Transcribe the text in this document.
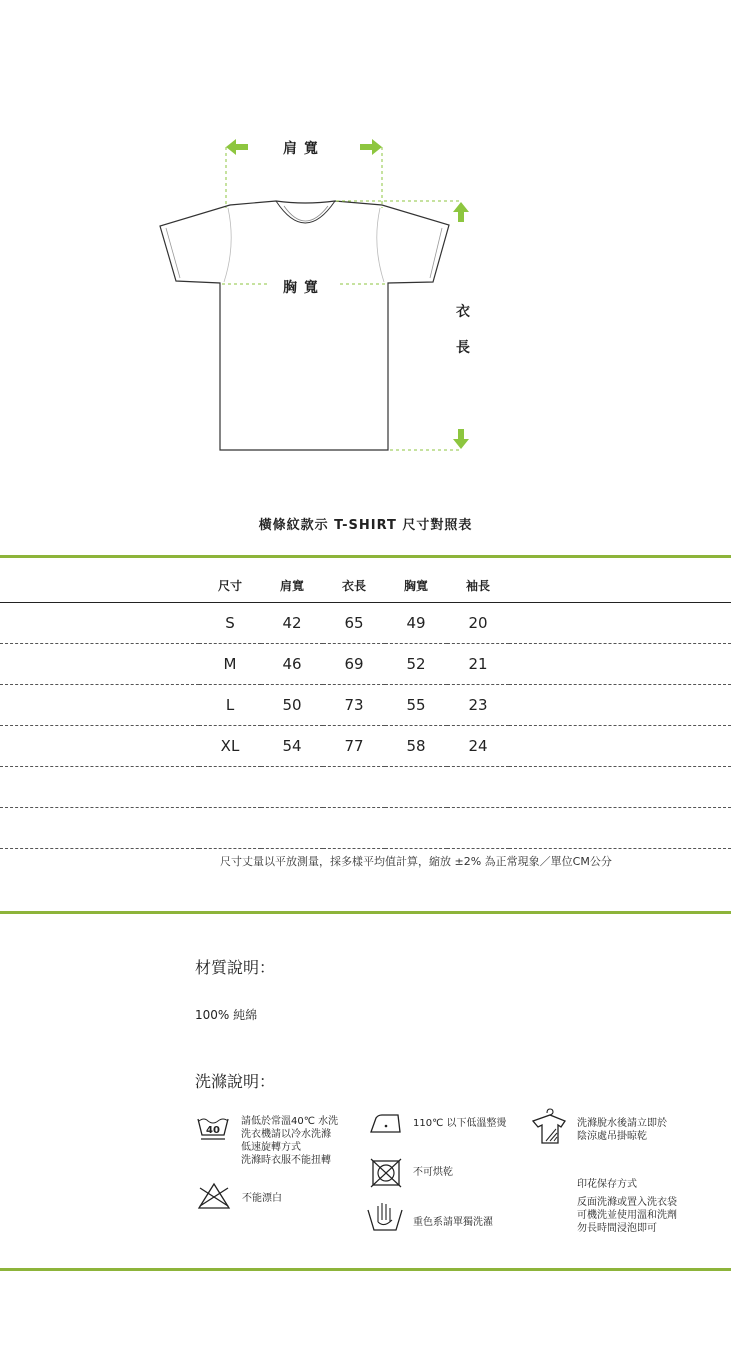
肩 寬
胸 寬
衣
長
橫條紋款示 T-SHIRT 尺寸對照表
	尺寸	肩寬	衣長	胸寬	袖長	
	S	42	65	49	20	
	M	46	69	52	21	
	L	50	73	55	23	
	XL	54	77	58	24	

尺寸丈量以平放測量，採多樣平均值計算，縮放 ±2% 為正常現象／單位CM公分
材質說明：
100% 純綿
洗滌說明：
40
請低於常溫40℃ 水洗
洗衣機請以冷水洗滌
低速旋轉方式
洗滌時衣服不能扭轉
不能漂白
110℃ 以下低溫整燙
不可烘乾
重色系請單獨洗濯
洗滌脫水後請立即於
陰涼處吊掛晾乾
印花保存方式
反面洗滌或置入洗衣袋
可機洗並使用溫和洗劑
勿長時間浸泡即可
